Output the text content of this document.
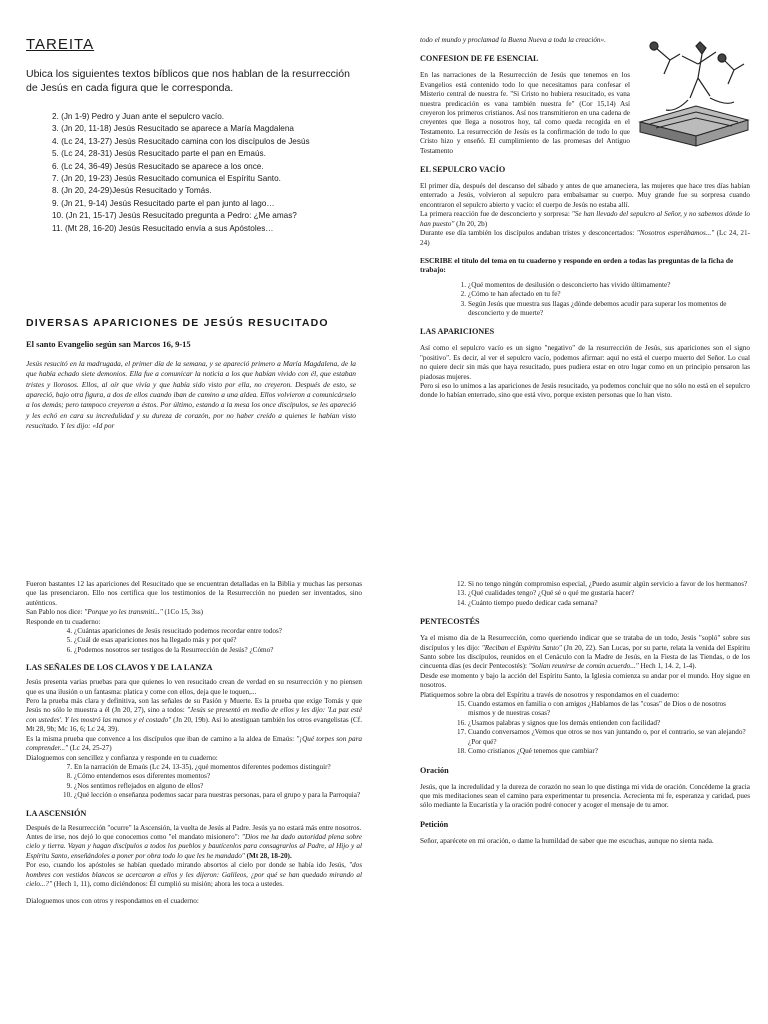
TAREITA
Ubica los siguientes textos bíblicos que nos hablan de la resurrección de Jesús en cada figura que le corresponda.
2. (Jn 1-9) Pedro y Juan ante el sepulcro vacío.
3. (Jn 20, 11-18) Jesús Resucitado se aparece a María Magdalena
4. (Lc 24, 13-27) Jesús Resucitado camina con los discípulos de Jesús
5. (Lc 24, 28-31) Jesús Resucitado parte el pan en Emaús.
6. (Lc 24, 36-49) Jesús Resucitado se aparece a los once.
7. (Jn 20, 19-23) Jesús Resucitado comunica el Espíritu Santo.
8. (Jn 20, 24-29)Jesús Resucitado y Tomás.
9. (Jn 21, 9-14) Jesús Resucitado parte el pan junto al lago…
10. (Jn 21, 15-17) Jesús Resucitado pregunta a Pedro: ¿Me amas?
11. (Mt 28, 16-20) Jesús Resucitado envía a sus Apóstoles…
DIVERSAS APARICIONES DE JESÚS RESUCITADO
El santo Evangelio según san Marcos 16, 9-15
Jesús resucitó en la madrugada, el primer día de la semana, y se apareció primero a María Magdalena, de la que había echado siete demonios. Ella fue a comunicar la noticia a los que habían vivido con él, que estaban tristes y llorosos. Ellos, al oír que vivía y que había sido visto por ella, no creyeron. Después de esto, se apareció, bajo otra figura, a dos de ellos cuando iban de camino a una aldea. Ellos volvieron a comunicárselo a los demás; pero tampoco creyeron a éstos. Por último, estando a la mesa los once discípulos, se les apareció y les echó en cara su incredulidad y su dureza de corazón, por no haber creído a quienes le habían visto resucitado. Y les dijo: «Id por
todo el mundo y proclamad la Buena Nueva a toda la creación».
CONFESION DE FE ESENCIAL
En las narraciones de la Resurrección de Jesús que tenemos en los Evangelios está contenido todo lo que necesitamos para confesar el Misterio central de nuestra fe. "Si Cristo no hubiera resucitado, es vana nuestra predicación es vana también nuestra fe" (Cor 15,14) Así creyeron los primeros cristianos. Así nos transmitieron en una cadena de creyentes que llega a nosotros hoy, tal como queda recogida en el Testamento. La resurrección de Jesús es la confirmación de todo lo que Cristo hizo y enseñó. El cumplimiento de las promesas del Antiguo Testamento
EL SEPULCRO VACÍO
El primer día, después del descanso del sábado y antes de que amaneciera, las mujeres que hace tres días habían enterrado a Jesús, volvieron al sepulcro para embalsamar su cuerpo. Muy grande fue su sorpresa cuando encontraron el sepulcro abierto y vacío: el cuerpo de Jesús no estaba allí.
La primera reacción fue de desconcierto y sorpresa: "Se han llevado del sepulcro al Señor, y no sabemos dónde lo han puesto" (Jn 20, 2b)
Durante ese día también los discípulos andaban tristes y desconcertados: "Nosotros esperábamos..." (Lc 24, 21-24)
ESCRIBE el título del tema en tu cuaderno y responde en orden a todas las preguntas de la ficha de trabajo:
1. ¿Qué momentos de desilusión o desconcierto has vivido últimamente?
2. ¿Cómo te han afectado en tu fe?
3. Según Jesús que muestra sus llagas ¿dónde debemos acudir para superar los momentos de desconcierto y de muerte?
LAS APARICIONES
Así como el sepulcro vacío es un signo "negativo" de la resurrección de Jesús, sus apariciones son el signo "positivo". Es decir, al ver el sepulcro vacío, podemos afirmar: aquí no está el cuerpo muerto del Señor. Lo cual no quiere decir sin más que haya resucitado, pues pudiera estar en otro lugar como en un principio pensaron las piadosas mujeres.
Pero si eso lo unimos a las apariciones de Jesús resucitado, ya podemos concluir que no sólo no está en el sepulcro donde lo habían enterrado, sino que está vivo, porque existen personas que lo han visto.
Fueron bastantes 12 las apariciones del Resucitado que se encuentran detalladas en la Biblia y muchas las personas que las presenciaron. Ello nos certifica que los testimonios de la Resurrección no pueden ser inventados, sino auténticos.
San Pablo nos dice: "Porque yo les transmití..." (1Co 15, 3ss)
Responde en tu cuaderno:
4. ¿Cuántas apariciones de Jesús resucitado podemos recordar entre todos?
5. ¿Cuál de esas apariciones nos ha llegado más y por qué?
6. ¿Podemos nosotros ser testigos de la Resurrección de Jesús? ¿Cómo?
LAS SEÑALES DE LOS CLAVOS Y DE LA LANZA
Jesús presenta varias pruebas para que quienes lo ven resucitado crean de verdad en su resurrección y no piensen que es una ilusión o un fantasma: platica y come con ellos, deja que le toquen,...
Pero la prueba más clara y definitiva, son las señales de su Pasión y Muerte. Es la prueba que exige Tomás y que Jesús no sólo le muestra a él (Jn 20, 27), sino a todos: "Jesús se presentó en medio de ellos y les dijo: 'La paz esté con ustedes'. Y les mostró las manos y el costado" (Jn 20, 19b). Así lo atestiguan también los otros evangelistas (Cf. Mt 28, 9b; Mc 16, 6; Lc 24, 39).
Es la misma prueba que convence a los discípulos que iban de camino a la aldea de Emaús: "¡Qué torpes son para comprender..." (Lc 24, 25-27)
Dialoguemos con sencillez y confianza y responde en tu cuaderno:
7. En la narración de Emaús (Lc 24, 13-35), ¿qué momentos diferentes podemos distinguir?
8. ¿Cómo entendemos esos diferentes momentos?
9. ¿Nos sentimos reflejados en alguno de ellos?
10. ¿Qué lección o enseñanza podemos sacar para nuestras personas, para el grupo y para la Parroquia?
LA ASCENSIÓN
Después de la Resurrección "ocurre" la Ascensión, la vuelta de Jesús al Padre. Jesús ya no estará más entre nosotros.
Antes de irse, nos dejó lo que conocemos como "el mandato misionero": "Dios me ha dado autoridad plena sobre cielo y tierra. Vayan y hagan discípulos a todos los pueblos y bautícenlos para consagrarlos al Padre, al Hijo y al Espíritu Santo, enseñándoles a poner por obra todo lo que les he mandado" (Mt 28, 18-20).
Por eso, cuando los apóstoles se habían quedado mirando absortos al cielo por donde se había ido Jesús, "dos hombres con vestidos blancos se acercaron a ellos y les dijeron: Galileos, ¿por qué se han quedado mirando al cielo...?" (Hech 1, 11), como diciéndonos: Él cumplió su misión; ahora les toca a ustedes.
Dialoguemos unos con otros y respondamos en el cuaderno:
12. Si no tengo ningún compromiso especial, ¿Puedo asumir algún servicio a favor de los hermanos?
13. ¿Qué cualidades tengo? ¿Qué sé o qué me gustaría hacer?
14. ¿Cuánto tiempo puedo dedicar cada semana?
PENTECOSTÉS
Ya el mismo día de la Resurrección, como queriendo indicar que se trataba de un todo, Jesús "sopló" sobre sus discípulos y les dijo: "Reciban el Espíritu Santo" (Jn 20, 22). San Lucas, por su parte, relata la venida del Espíritu Santo sobre los discípulos, reunidos en el Cenáculo con la Madre de Jesús, en la Fiesta de las Tiendas, o de los cincuenta días (es decir Pentecostés): "Solían reunirse de común acuerdo..." Hech 1, 14. 2, 1-4).
Desde ese momento y bajo la acción del Espíritu Santo, la Iglesia comienza su andar por el mundo. Hoy sigue en nosotros.
Platiquemos sobre la obra del Espíritu a través de nosotros y respondamos en el cuaderno:
15. Cuando estamos en familia o con amigos ¿Hablamos de las "cosas" de Dios o de nosotros mismos y de nuestras cosas?
16. ¿Usamos palabras y signos que los demás entienden con facilidad?
17. Cuando conversamos ¿Vemos que otros se nos van juntando o, por el contrario, se van alejando? ¿Por qué?
18. Como cristianos ¿Qué tenemos que cambiar?
Oración
Jesús, que la incredulidad y la dureza de corazón no sean lo que distinga mi vida de oración. Concédeme la gracia que mis meditaciones sean el camino para experimentar tu presencia. Acrecienta mi fe, esperanza y caridad, pues sólo mediante la Eucaristía y la oración podré conocer y acoger el mensaje de tu amor.
Petición
Señor, aparécete en mi oración, o dame la humildad de saber que me escuchas, aunque no sienta nada.
